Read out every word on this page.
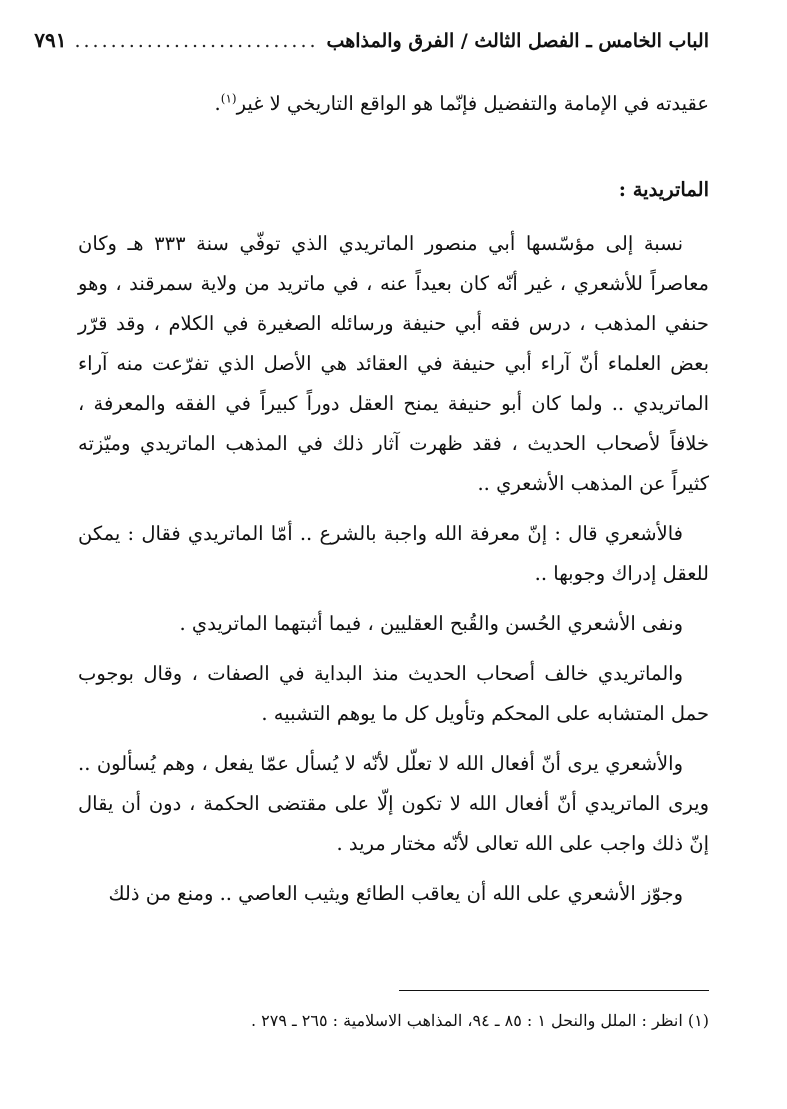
الباب الخامس ـ الفصل الثالث / الفرق والمذاهب
...........................
٧٩١

عقيدته في الإمامة والتفضيل فإنّما هو الواقع التاريخي لا غير$^{(١)}$.

الماتريدية :

نسبة إلى مؤسّسها أبي منصور الماتريدي الذي توفّي سنة ٣٣٣ هـ وكان معاصراً للأشعري ، غير أنّه كان بعيداً عنه ، في ماتريد من ولاية سمرقند ، وهو حنفي المذهب ، درس فقه أبي حنيفة ورسائله الصغيرة في الكلام ، وقد قرّر بعض العلماء أنّ آراء أبي حنيفة في العقائد هي الأصل الذي تفرّعت منه آراء الماتريدي .. ولما كان أبو حنيفة يمنح العقل دوراً كبيراً في الفقه والمعرفة ، خلافاً لأصحاب الحديث ، فقد ظهرت آثار ذلك في المذهب الماتريدي وميّزته كثيراً عن المذهب الأشعري ..

فالأشعري قال : إنّ معرفة الله واجبة بالشرع .. أمّا الماتريدي فقال : يمكن للعقل إدراك وجوبها ..

ونفى الأشعري الحُسن والقُبح العقليين ، فيما أثبتهما الماتريدي .

والماتريدي خالف أصحاب الحديث منذ البداية في الصفات ، وقال بوجوب حمل المتشابه على المحكم وتأويل كل ما يوهم التشبيه .

والأشعري يرى أنّ أفعال الله لا تعلّل لأنّه لا يُسأل عمّا يفعل ، وهم يُسألون .. ويرى الماتريدي أنّ أفعال الله لا تكون إلّا على مقتضى الحكمة ، دون أن يقال إنّ ذلك واجب على الله تعالى لأنّه مختار مريد .

وجوّز الأشعري على الله أن يعاقب الطائع ويثيب العاصي .. ومنع من ذلك

(١) انظر : الملل والنحل ١ : ٨٥ ـ ٩٤، المذاهب الاسلامية : ٢٦٥ ـ ٢٧٩ .
